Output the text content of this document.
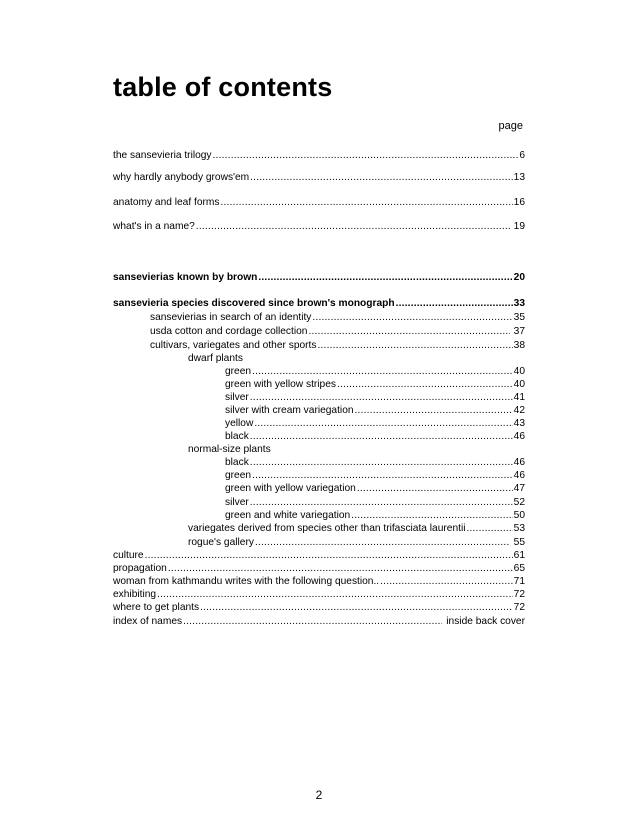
table of contents
page
the sansevieria trilogy .....	6
why hardly anybody grows'em .....	13
anatomy and leaf forms .....	16
what's in a name? .....	19
sansevierias known by brown .....	20
sansevieria species discovered since brown's monograph .....	33
sansevierias in search of an identity .....	35
usda cotton and cordage collection .....	37
cultivars, variegates and other sports .....	38
dwarf plants
green .....	40
green with yellow stripes .....	40
silver .....	41
silver with cream variegation .....	42
yellow .....	43
black .....	46
normal-size plants
black .....	46
green .....	46
green with yellow variegation .....	47
silver .....	52
green and white variegation .....	50
variegates derived from species other than trifasciata laurentii .....	53
rogue's gallery .....	55
culture .....	61
propagation .....	65
woman from kathmandu writes with the following question.. .....	71
exhibiting .....	72
where to get plants .....	72
index of names .....	inside back cover
2
